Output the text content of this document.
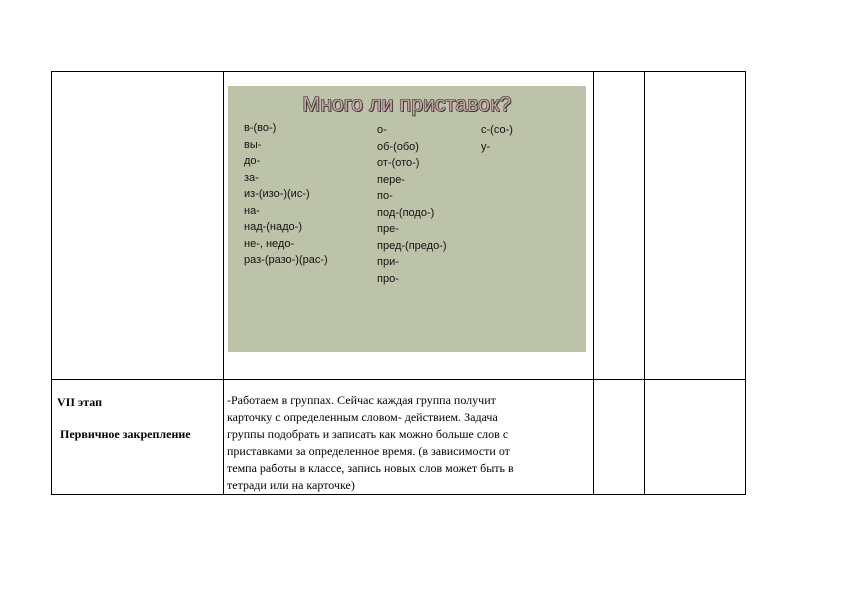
Много ли приставок?
в-(во-)
вы-
до-
за-
из-(изо-)(ис-)
на-
над-(надо-)
не-, недо-
раз-(разо-)(рас-)
о-
об-(обо)
от-(ото-)
пере-
по-
под-(подо-)
пре-
пред-(предо-)
при-
про-
с-(со-)
у-
VII этап
Первичное закрепление
-Работаем в группах. Сейчас каждая группа получит
карточку с определенным словом- действием. Задача
группы подобрать и записать как можно больше слов с
приставками за определенное время. (в зависимости от
темпа работы в классе, запись новых слов может быть в
тетради или на карточке)
